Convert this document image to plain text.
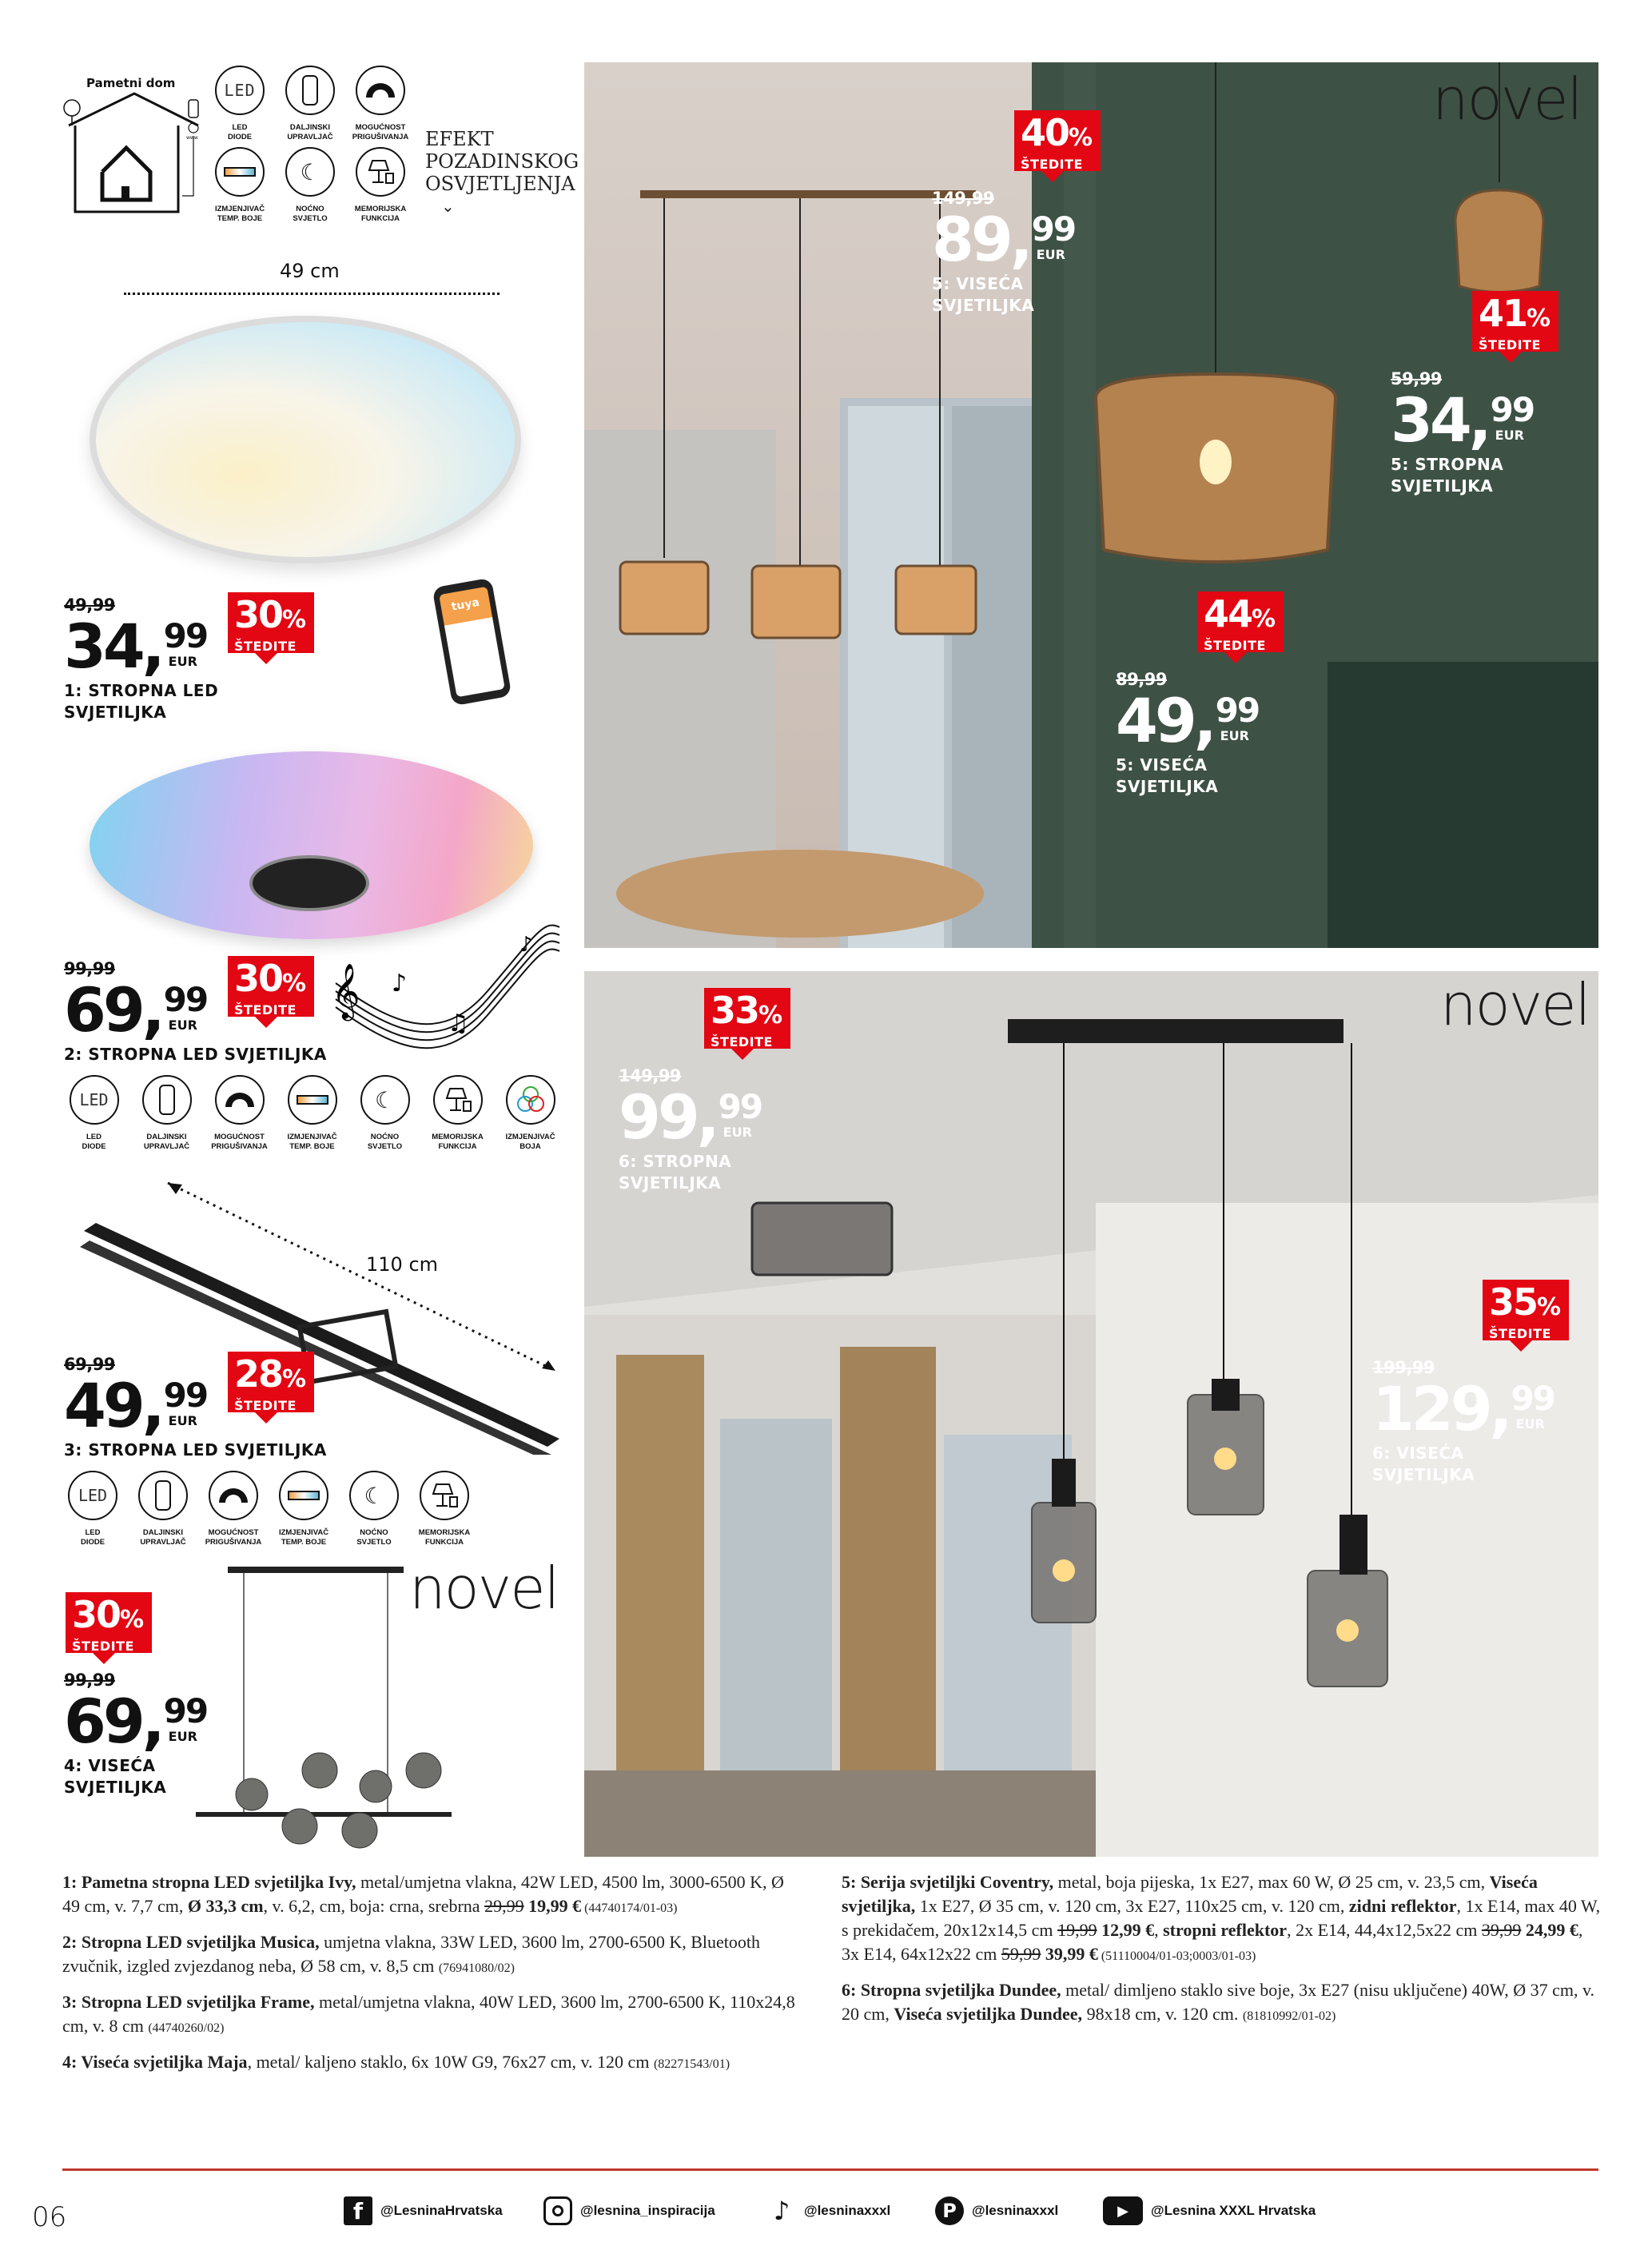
Pametni dom
www
LED
LED
DIODE
DALJINSKI
UPRAVLJAČ
MOGUĆNOST
PRIGUŠIVANJA
IZMJENJIVAČ
TEMP. BOJE
☾
NOĆNO
SVJETLO
MEMORIJSKA
FUNKCIJA
EFEKT
POZADINSKOG
OSVJETLJENJA
⌄
49 cm
tuya
𝄞 ♪
♫
♪
LED
LED
DIODE
DALJINSKI
UPRAVLJAČ
MOGUĆNOST
PRIGUŠIVANJA
IZMJENJIVAČ
TEMP. BOJE
☾
NOĆNO
SVJETLO
MEMORIJSKA
FUNKCIJA
IZMJENJIVAČ
BOJA
110 cm
LED
LED
DIODE
DALJINSKI
UPRAVLJAČ
MOGUĆNOST
PRIGUŠIVANJA
IZMJENJIVAČ
TEMP. BOJE
☾
NOĆNO
SVJETLO
MEMORIJSKA
FUNKCIJA
novel
novel
novel
49,99
34, 99
EUR
1: STROPNA LED
SVJETILJKA
30%
ŠTEDITE
99,99
69, 99
EUR
2: STROPNA LED SVJETILJKA
30%
ŠTEDITE
69,99
49, 99
EUR
3: STROPNA LED SVJETILJKA
28%
ŠTEDITE
99,99
69, 99
EUR
4: VISEĆA
SVJETILJKA
30%
ŠTEDITE
149,99
89, 99
EUR
5: VISEĆA
SVJETILJKA
40%
ŠTEDITE
59,99
34, 99
EUR
5: STROPNA
SVJETILJKA
41%
ŠTEDITE
89,99
49, 99
EUR
5: VISEĆA
SVJETILJKA
44%
ŠTEDITE
149,99
99, 99
EUR
6: STROPNA
SVJETILJKA
33%
ŠTEDITE
199,99
129, 99
EUR
6: VISEĆA
SVJETILJKA
35%
ŠTEDITE

1: Pametna stropna LED svjetiljka Ivy, metal/umjetna vlakna, 42W LED, 4500 lm, 3000-6500 K, Ø 49 cm, v. 7,7 cm, Ø 33,3 cm, v. 6,2, cm, boja: crna, srebrna 29,99 19,99 € (44740174/01-03)

2: Stropna LED svjetiljka Musica, umjetna vlakna, 33W LED, 3600 lm, 2700-6500 K, Bluetooth zvučnik, izgled zvjezdanog neba, Ø 58 cm, v. 8,5 cm (76941080/02)

3: Stropna LED svjetiljka Frame, metal/umjetna vlakna, 40W LED, 3600 lm, 2700-6500 K, 110x24,8 cm, v. 8 cm (44740260/02)

4: Viseća svjetiljka Maja, metal/ kaljeno staklo, 6x 10W G9, 76x27 cm, v. 120 cm (82271543/01)

5: Serija svjetiljki Coventry, metal, boja pijeska, 1x E27, max 60 W, Ø 25 cm, v. 23,5 cm, Viseća svjetiljka, 1x E27, Ø 35 cm, v. 120 cm, 3x E27, 110x25 cm, v. 120 cm, zidni reflektor, 1x E14, max 40 W, s prekidačem, 20x12x14,5 cm 19,99 12,99 €, stropni reflektor, 2x E14, 44,4x12,5x22 cm 39,99 24,99 €, 3x E14, 64x12x22 cm 59,99 39,99 € (51110004/01-03;0003/01-03)

6: Stropna svjetiljka Dundee, metal/ dimljeno staklo sive boje, 3x E27 (nisu uključene) 40W, Ø 37 cm, v. 20 cm, Viseća svjetiljka Dundee, 98x18 cm, v. 120 cm. (81810992/01-02)

06	f	@LesninaHrvatska	@lesnina_inspiracija ♪	@lesninaxxxl	P	@lesninaxxxl	▶	@Lesnina XXXL Hrvatska
